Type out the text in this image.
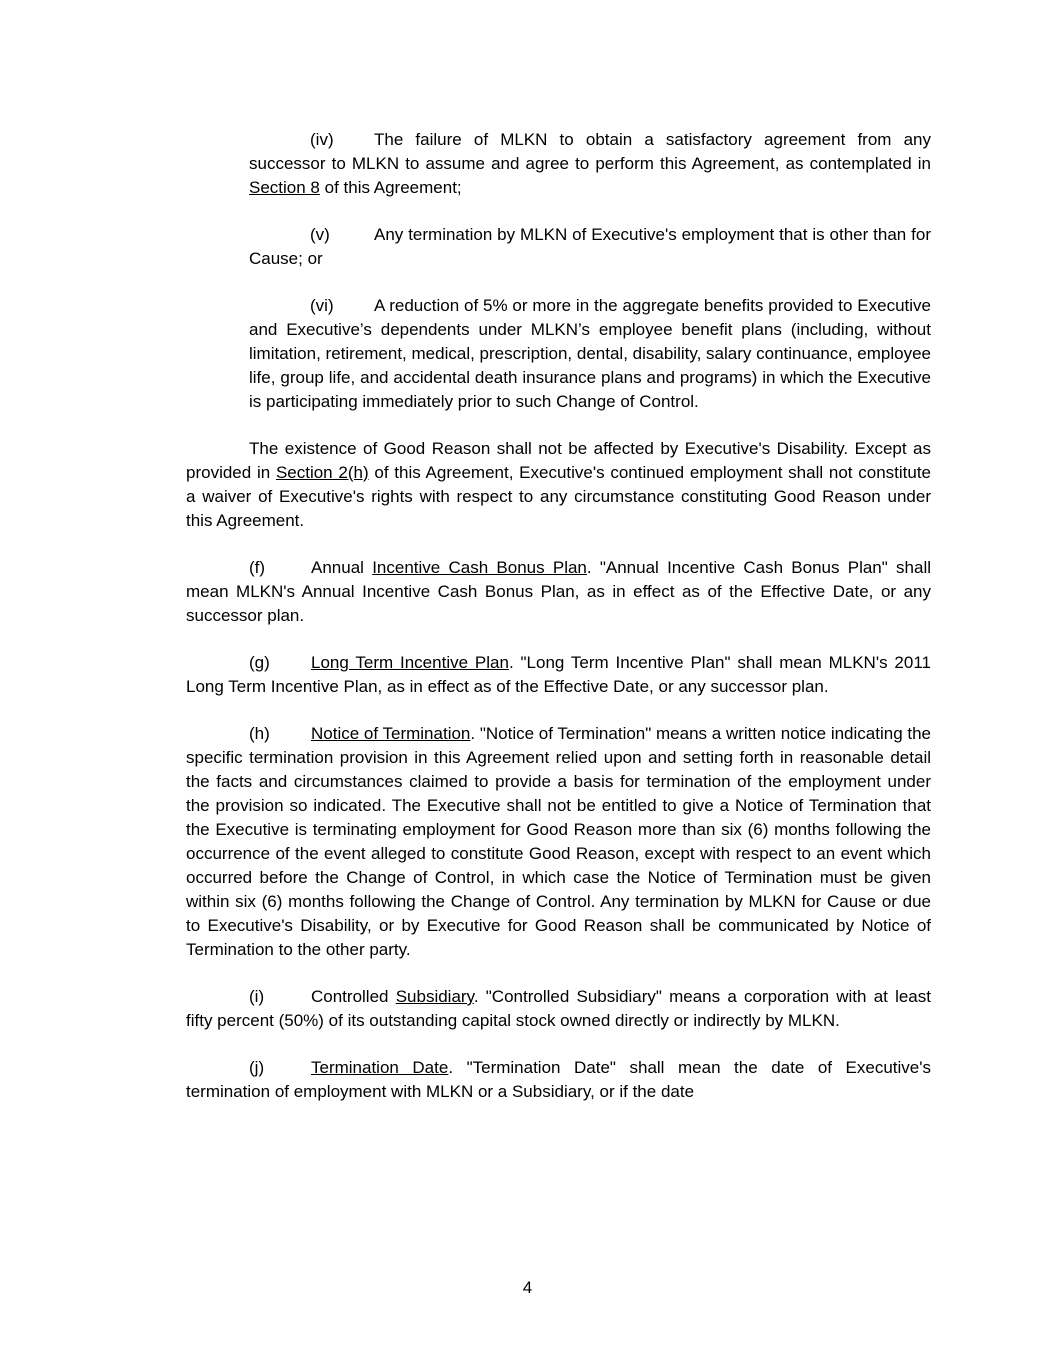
(iv) The failure of MLKN to obtain a satisfactory agreement from any successor to MLKN to assume and agree to perform this Agreement, as contemplated in Section 8 of this Agreement;

(v)	Any termination by MLKN of Executive's employment that is other than for Cause; or

(vi) A reduction of 5% or more in the aggregate benefits provided to Executive and Executive’s dependents under MLKN’s employee benefit plans (including, without limitation, retirement, medical, prescription, dental, disability, salary continuance, employee life, group life, and accidental death insurance plans and programs) in which the Executive is participating immediately prior to such Change of Control.

The existence of Good Reason shall not be affected by Executive's Disability. Except as provided in Section 2(h) of this Agreement, Executive's continued employment shall not constitute a waiver of Executive's rights with respect to any circumstance constituting Good Reason under this Agreement.

(f)	Annual Incentive Cash Bonus Plan. "Annual Incentive Cash Bonus Plan" shall mean MLKN's Annual Incentive Cash Bonus Plan, as in effect as of the Effective Date, or any successor plan.

(g) Long Term Incentive Plan. "Long Term Incentive Plan" shall mean MLKN's 2011 Long Term Incentive Plan, as in effect as of the Effective Date, or any successor plan.

(h) Notice of Termination. "Notice of Termination" means a written notice indicating the specific termination provision in this Agreement relied upon and setting forth in reasonable detail the facts and circumstances claimed to provide a basis for termination of the employment under the provision so indicated. The Executive shall not be entitled to give a Notice of Termination that the Executive is terminating employment for Good Reason more than six (6) months following the occurrence of the event alleged to constitute Good Reason, except with respect to an event which occurred before the Change of Control, in which case the Notice of Termination must be given within six (6) months following the Change of Control. Any termination by MLKN for Cause or due to Executive's Disability, or by Executive for Good Reason shall be communicated by Notice of Termination to the other party.

(i)	Controlled Subsidiary. "Controlled Subsidiary" means a corporation with at least fifty percent (50%) of its outstanding capital stock owned directly or indirectly by MLKN.

(j)	Termination Date. "Termination Date" shall mean the date of Executive's termination of employment with MLKN or a Subsidiary, or if the date

4
